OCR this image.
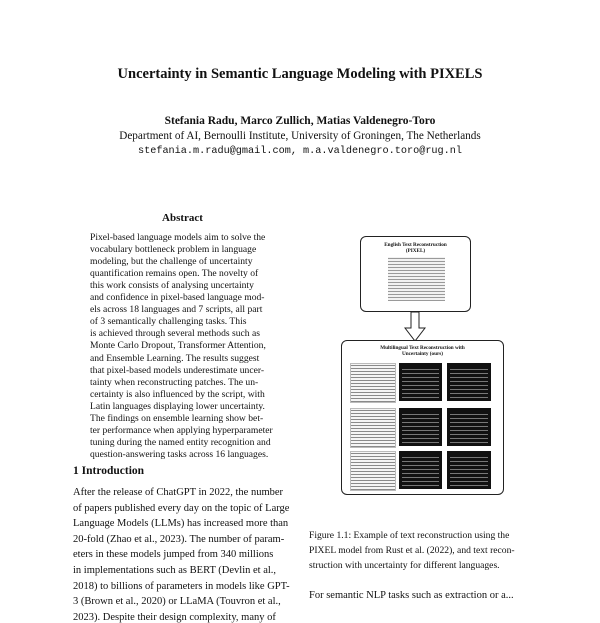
Uncertainty in Semantic Language Modeling with PIXELS
Stefania Radu, Marco Zullich, Matias Valdenegro-Toro
Department of AI, Bernoulli Institute, University of Groningen, The Netherlands
stefania.m.radu@gmail.com, m.a.valdenegro.toro@rug.nl
Abstract
Pixel-based language models aim to solve the
vocabulary bottleneck problem in language
modeling, but the challenge of uncertainty
quantification remains open. The novelty of
this work consists of analysing uncertainty
and confidence in pixel-based language mod-
els across 18 languages and 7 scripts, all part
of 3 semantically challenging tasks. This
is achieved through several methods such as
Monte Carlo Dropout, Transformer Attention,
and Ensemble Learning. The results suggest
that pixel-based models underestimate uncer-
tainty when reconstructing patches. The un-
certainty is also influenced by the script, with
Latin languages displaying lower uncertainty.
The findings on ensemble learning show bet-
ter performance when applying hyperparameter
tuning during the named entity recognition and
question-answering tasks across 16 languages.
1 Introduction
After the release of ChatGPT in 2022, the number
of papers published every day on the topic of Large
Language Models (LLMs) has increased more than
20-fold (Zhao et al., 2023). The number of param-
eters in these models jumped from 340 millions
in implementations such as BERT (Devlin et al.,
2018) to billions of parameters in models like GPT-
3 (Brown et al., 2020) or LLaMA (Touvron et al.,
2023). Despite their design complexity, many of
English Text Reconstruction
(PIXEL)
Multilingual Text Reconstruction with
Uncertainty (ours)
Figure 1.1: Example of text reconstruction using the
PIXEL model from Rust et al. (2022), and text recon-
struction with uncertainty for different languages.
For semantic NLP tasks such as extraction or a...
